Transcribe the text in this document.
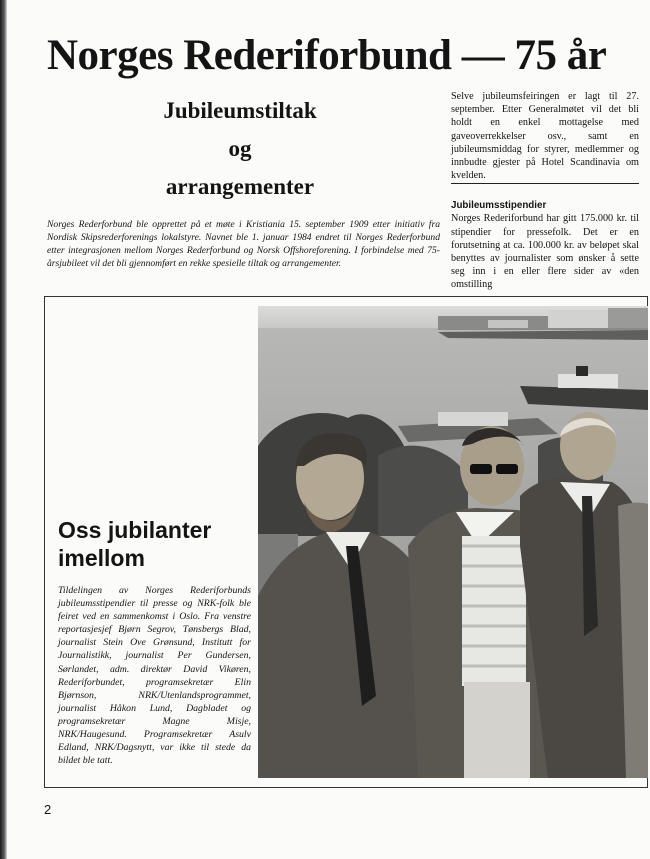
Norges Rederiforbund — 75 år
Jubileumstiltak
og
arrangementer

Norges Rederforbund ble opprettet på et møte i Kristiania 15. september 1909 etter initiativ fra Nordisk Skipsrederforenings lokalstyre. Navnet ble 1. januar 1984 endret til Norges Rederforbund etter integrasjonen mellom Norges Rederforbund og Norsk Offshoreforening. I forbindelse med 75-årsjubileet vil det bli gjennomført en rekke spesielle tiltak og arrangementer.

Selve jubileumsfeiringen er lagt til 27. september. Etter Generalmøtet vil det bli holdt en enkel mottagelse med gaveoverrekkelser osv., samt en jubileumsmiddag for styrer, medlemmer og innbudte gjester på Hotel Scandinavia om kvelden.

Jubileumsstipendier

Norges Rederiforbund har gitt 175.000 kr. til stipendier for pressefolk. Det er en forutsetning at ca. 100.000 kr. av beløpet skal benyttes av journalister som ønsker å sette seg inn i en eller flere sider av «den omstilling

Oss jubilanter
imellom

Tildelingen av Norges Rederiforbunds jubileumsstipendier til presse og NRK-folk ble feiret ved en sammenkomst i Oslo. Fra venstre reportasjesjef Bjørn Segrov, Tønsbergs Blad, journalist Stein Ove Grønsund, Institutt for Journalistikk, journalist Per Gundersen, Sørlandet, adm. direktør David Vikøren, Rederiforbundet, programsekretær Elin Bjørnson, NRK/Utenlandsprogrammet, journalist Håkon Lund, Dagbladet og programsekretær Magne Misje, NRK/Haugesund. Programsekretær Asulv Edland, NRK/Dagsnytt, var ikke til stede da bildet ble tatt.

2
